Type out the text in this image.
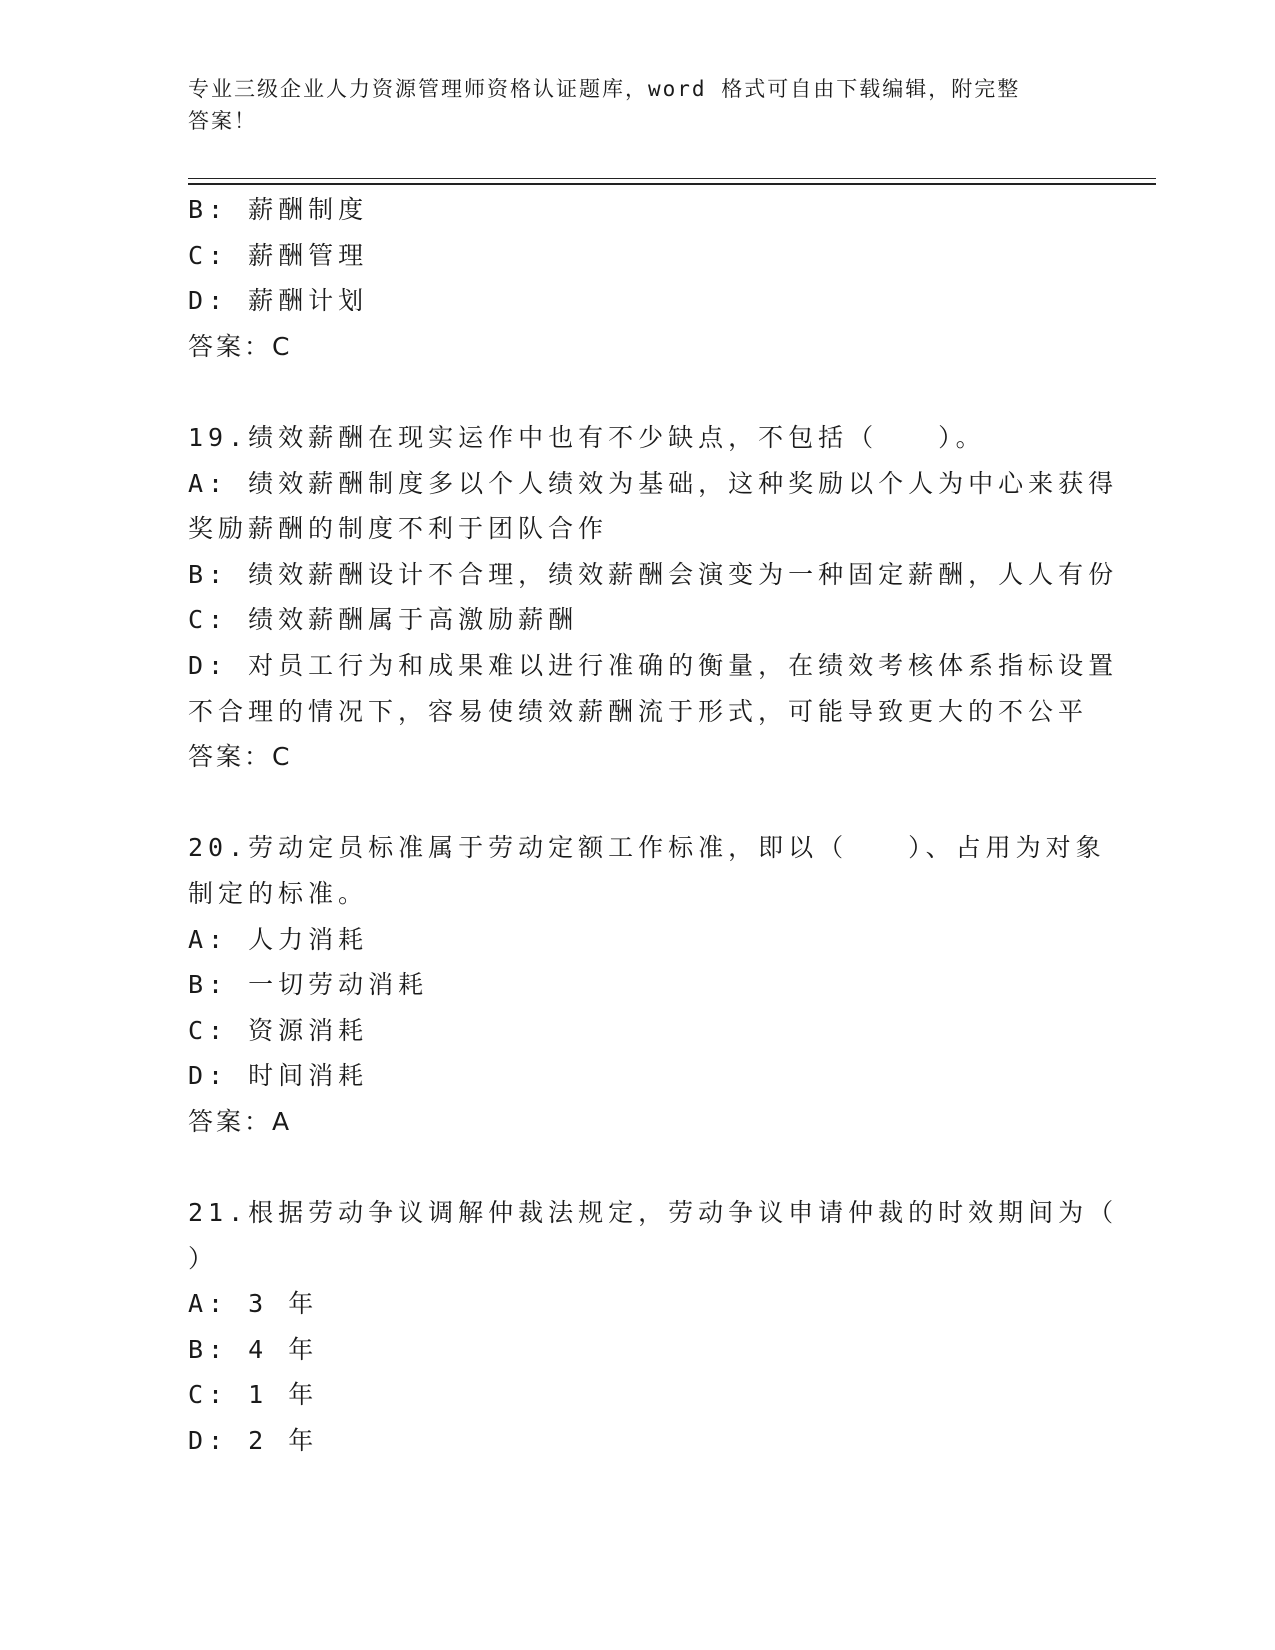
专业三级企业人力资源管理师资格认证题库，word 格式可自由下载编辑，附完整
答案！
B: 薪酬制度
C: 薪酬管理
D: 薪酬计划
答案：C
19.绩效薪酬在现实运作中也有不少缺点，不包括（　　）。
A: 绩效薪酬制度多以个人绩效为基础，这种奖励以个人为中心来获得
奖励薪酬的制度不利于团队合作
B: 绩效薪酬设计不合理，绩效薪酬会演变为一种固定薪酬，人人有份
C: 绩效薪酬属于高激励薪酬
D: 对员工行为和成果难以进行准确的衡量，在绩效考核体系指标设置
不合理的情况下，容易使绩效薪酬流于形式，可能导致更大的不公平
答案：C
20.劳动定员标准属于劳动定额工作标准，即以（　　）、占用为对象
制定的标准。
A: 人力消耗
B: 一切劳动消耗
C: 资源消耗
D: 时间消耗
答案：A
21.根据劳动争议调解仲裁法规定，劳动争议申请仲裁的时效期间为（
）
A: 3 年
B: 4 年
C: 1 年
D: 2 年
